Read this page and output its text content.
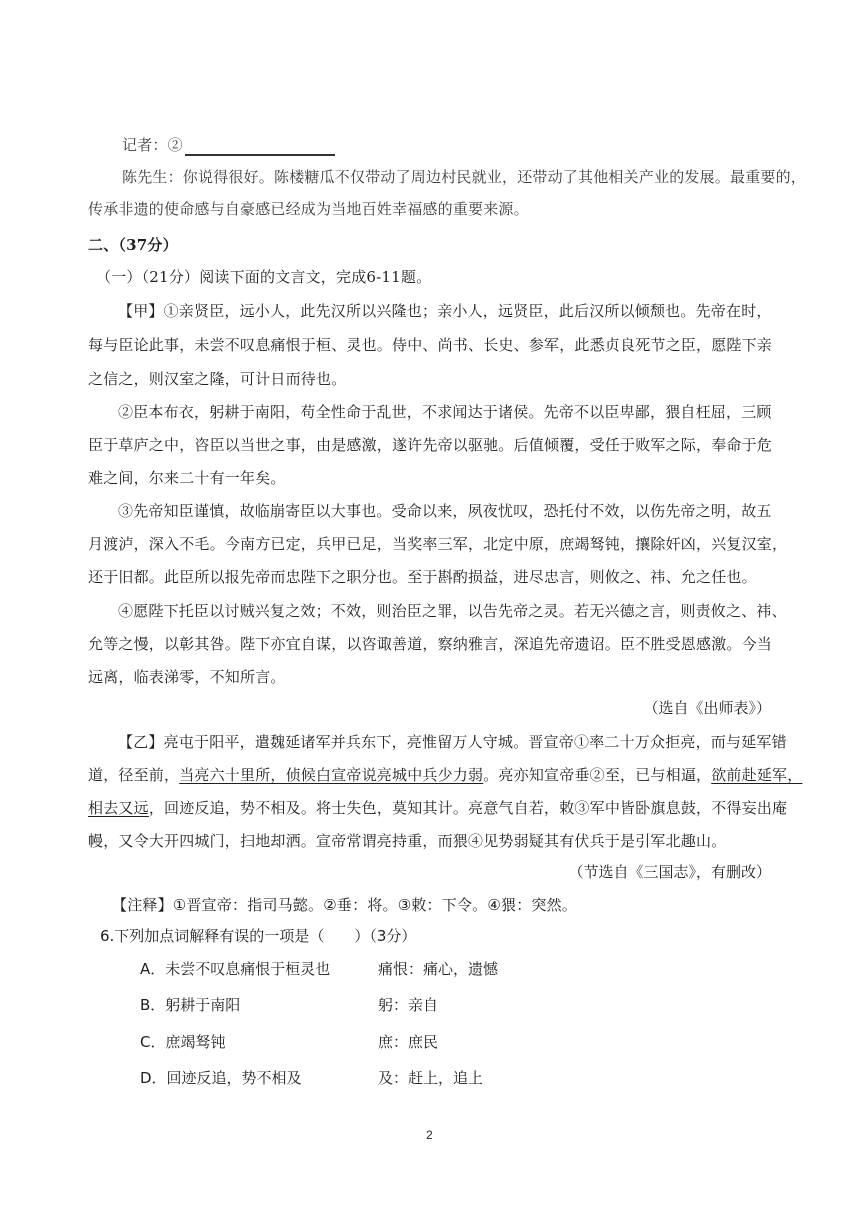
记者：②
陈先生：你说得很好。陈楼糖瓜不仅带动了周边村民就业，还带动了其他相关产业的发展。最重要的，
传承非遗的使命感与自豪感已经成为当地百姓幸福感的重要来源。
二、（37分）
（一）（21分）阅读下面的文言文，完成6-11题。
【甲】①亲贤臣，远小人，此先汉所以兴隆也；亲小人，远贤臣，此后汉所以倾颓也。先帝在时，
每与臣论此事，未尝不叹息痛恨于桓、灵也。侍中、尚书、长史、参军，此悉贞良死节之臣，愿陛下亲
之信之，则汉室之隆，可计日而待也。
②臣本布衣，躬耕于南阳，苟全性命于乱世，不求闻达于诸侯。先帝不以臣卑鄙，猥自枉屈，三顾
臣于草庐之中，咨臣以当世之事，由是感激，遂许先帝以驱驰。后值倾覆，受任于败军之际，奉命于危
难之间，尔来二十有一年矣。
③先帝知臣谨慎，故临崩寄臣以大事也。受命以来，夙夜忧叹，恐托付不效，以伤先帝之明，故五
月渡泸，深入不毛。今南方已定，兵甲已足，当奖率三军，北定中原，庶竭驽钝，攘除奸凶，兴复汉室，
还于旧都。此臣所以报先帝而忠陛下之职分也。至于斟酌损益，进尽忠言，则攸之、祎、允之任也。
④愿陛下托臣以讨贼兴复之效；不效，则治臣之罪，以告先帝之灵。若无兴德之言，则责攸之、祎、
允等之慢，以彰其咎。陛下亦宜自谋，以咨诹善道，察纳雅言，深追先帝遗诏。臣不胜受恩感激。今当
远离，临表涕零，不知所言。
（选自《出师表》）
【乙】亮屯于阳平，遣魏延诸军并兵东下，亮惟留万人守城。晋宣帝①率二十万众拒亮，而与延军错
道，径至前，当亮六十里所，侦候白宣帝说亮城中兵少力弱。亮亦知宣帝垂②至，已与相逼，欲前赴延军，
相去又远，回迹反追，势不相及。将士失色，莫知其计。亮意气自若，敕③军中皆卧旗息鼓，不得妄出庵
幔，又令大开四城门，扫地却洒。宣帝常谓亮持重，而猥④见势弱疑其有伏兵于是引军北趣山。
（节选自《三国志》，有删改）
【注释】①晋宣帝：指司马懿。②垂：将。③敕：下令。④猥：突然。
6.下列加点词解释有误的一项是（　　）（3分）
A．未尝不叹息痛恨于桓灵也	痛恨：痛心，遗憾
B．躬耕于南阳	躬：亲自
C．庶竭驽钝	庶：庶民
D．回迹反追，势不相及	及：赶上，追上
2
